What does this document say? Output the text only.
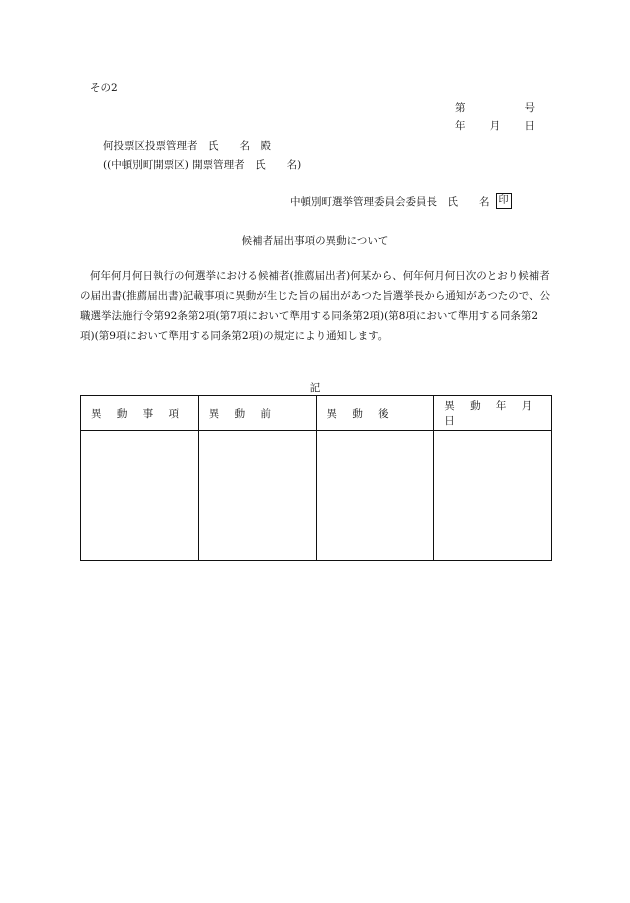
その2
第	号
年 月 日
何投票区投票管理者　氏　　名　殿
((中頓別町開票区) 開票管理者　氏　　名)
中頓別町選挙管理委員会委員長　氏　　名 印
候補者届出事項の異動について
何年何月何日執行の何選挙における候補者(推薦届出者)何某から、何年何月何日次のとおり候補者の届出書(推薦届出書)記載事項に異動が生じた旨の届出があつた旨選挙長から通知があつたので、公職選挙法施行令第92条第2項(第7項において準用する同条第2項)(第8項において準用する同条第2項)(第9項において準用する同条第2項)の規定により通知します。
記
異 動 事 項	異 動 前	異 動 後	異 動 年 月 日
